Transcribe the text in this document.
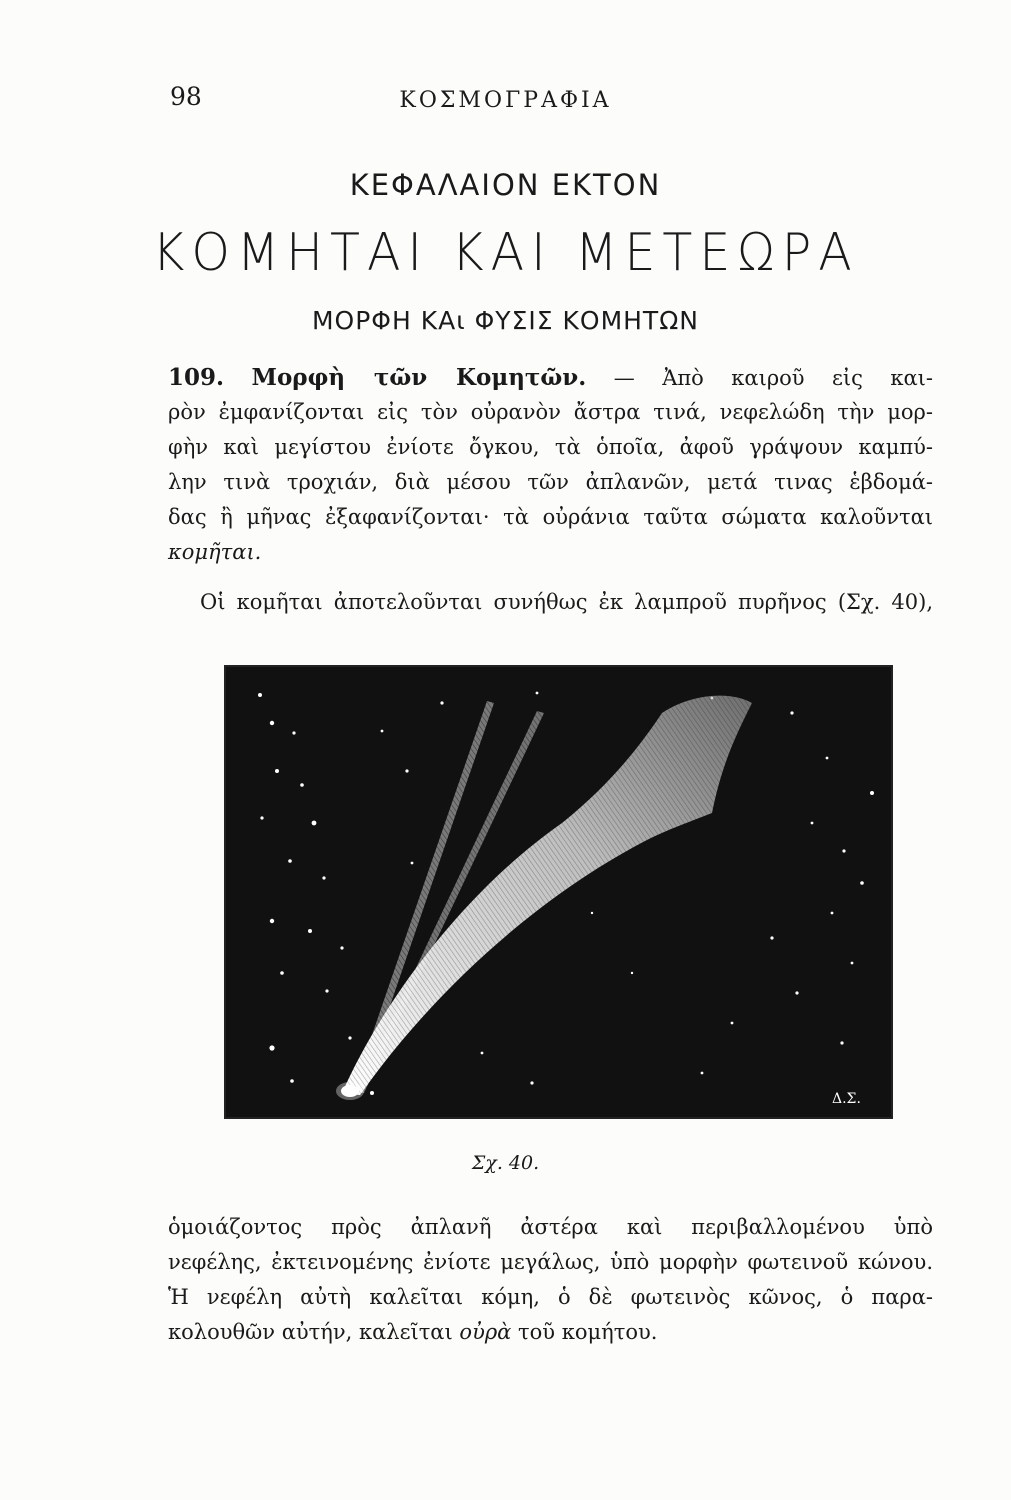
98	ΚΟΣΜΟΓΡΑΦΙΑ
ΚΕΦΑΛΑΙΟΝ ΕΚΤΟΝ
ΚΟΜΗΤΑΙ ΚΑΙ ΜΕΤΕΩΡΑ
ΜΟΡΦΗ ΚΑι ΦΥΣΙΣ ΚΟΜΗΤΩΝ
109. Μορφὴ τῶν Κομητῶν. — Ἀπὸ καιροῦ εἰς και-
ρὸν ἐμφανίζονται εἰς τὸν οὐρανὸν ἄστρα τινά, νεφελώδη τὴν μορ-
φὴν καὶ μεγίστου ἐνίοτε ὄγκου, τὰ ὁποῖα, ἀφοῦ γράψουν καμπύ-
λην τινὰ τροχιάν, διὰ μέσου τῶν ἀπλανῶν, μετά τινας ἑβδομά-
δας ἢ μῆνας ἐξαφανίζονται· τὰ οὐράνια ταῦτα σώματα καλοῦνται
κομῆται.
Οἱ κομῆται ἀποτελοῦνται συνήθως ἐκ λαμπροῦ πυρῆνος (Σχ. 40),
Δ.Σ.
Σχ. 40.
ὁμοιάζοντος πρὸς ἀπλανῆ ἀστέρα καὶ περιβαλλομένου ὑπὸ
νεφέλης, ἐκτεινομένης ἐνίοτε μεγάλως, ὑπὸ μορφὴν φωτεινοῦ κώνου.
Ἡ νεφέλη αὐτὴ καλεῖται κόμη, ὁ δὲ φωτεινὸς κῶνος, ὁ παρα-
κολουθῶν αὐτήν, καλεῖται οὐρὰ τοῦ κομήτου.
